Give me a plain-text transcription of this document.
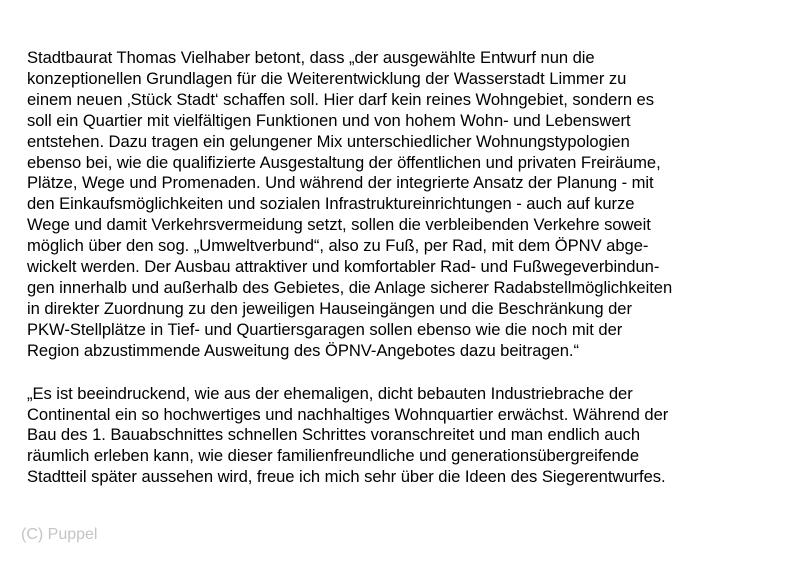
Stadtbaurat Thomas Vielhaber betont, dass „der ausgewählte Entwurf nun die
konzeptionellen Grundlagen für die Weiterentwicklung der Wasserstadt Limmer zu
einem neuen ‚Stück Stadt‘ schaffen soll. Hier darf kein reines Wohngebiet, sondern es
soll ein Quartier mit vielfältigen Funktionen und von hohem Wohn- und Lebenswert
entstehen. Dazu tragen ein gelungener Mix unterschiedlicher Wohnungstypologien
ebenso bei, wie die qualifizierte Ausgestaltung der öffentlichen und privaten Freiräume,
Plätze, Wege und Promenaden. Und während der integrierte Ansatz der Planung - mit
den Einkaufsmöglichkeiten und sozialen Infrastruktureinrichtungen - auch auf kurze
Wege und damit Verkehrsvermeidung setzt, sollen die verbleibenden Verkehre soweit
möglich über den sog. „Umweltverbund“, also zu Fuß, per Rad, mit dem ÖPNV abge-
wickelt werden. Der Ausbau attraktiver und komfortabler Rad- und Fußwegeverbindun-
gen innerhalb und außerhalb des Gebietes, die Anlage sicherer Radabstellmöglichkeiten
in direkter Zuordnung zu den jeweiligen Hauseingängen und die Beschränkung der
PKW-Stellplätze in Tief- und Quartiersgaragen sollen ebenso wie die noch mit der
Region abzustimmende Ausweitung des ÖPNV-Angebotes dazu beitragen.“

„Es ist beeindruckend, wie aus der ehemaligen, dicht bebauten Industriebrache der
Continental ein so hochwertiges und nachhaltiges Wohnquartier erwächst. Während der
Bau des 1. Bauabschnittes schnellen Schrittes voranschreitet und man endlich auch
räumlich erleben kann, wie dieser familienfreundliche und generationsübergreifende
Stadtteil später aussehen wird, freue ich mich sehr über die Ideen des Siegerentwurfes.

(C) Puppel
